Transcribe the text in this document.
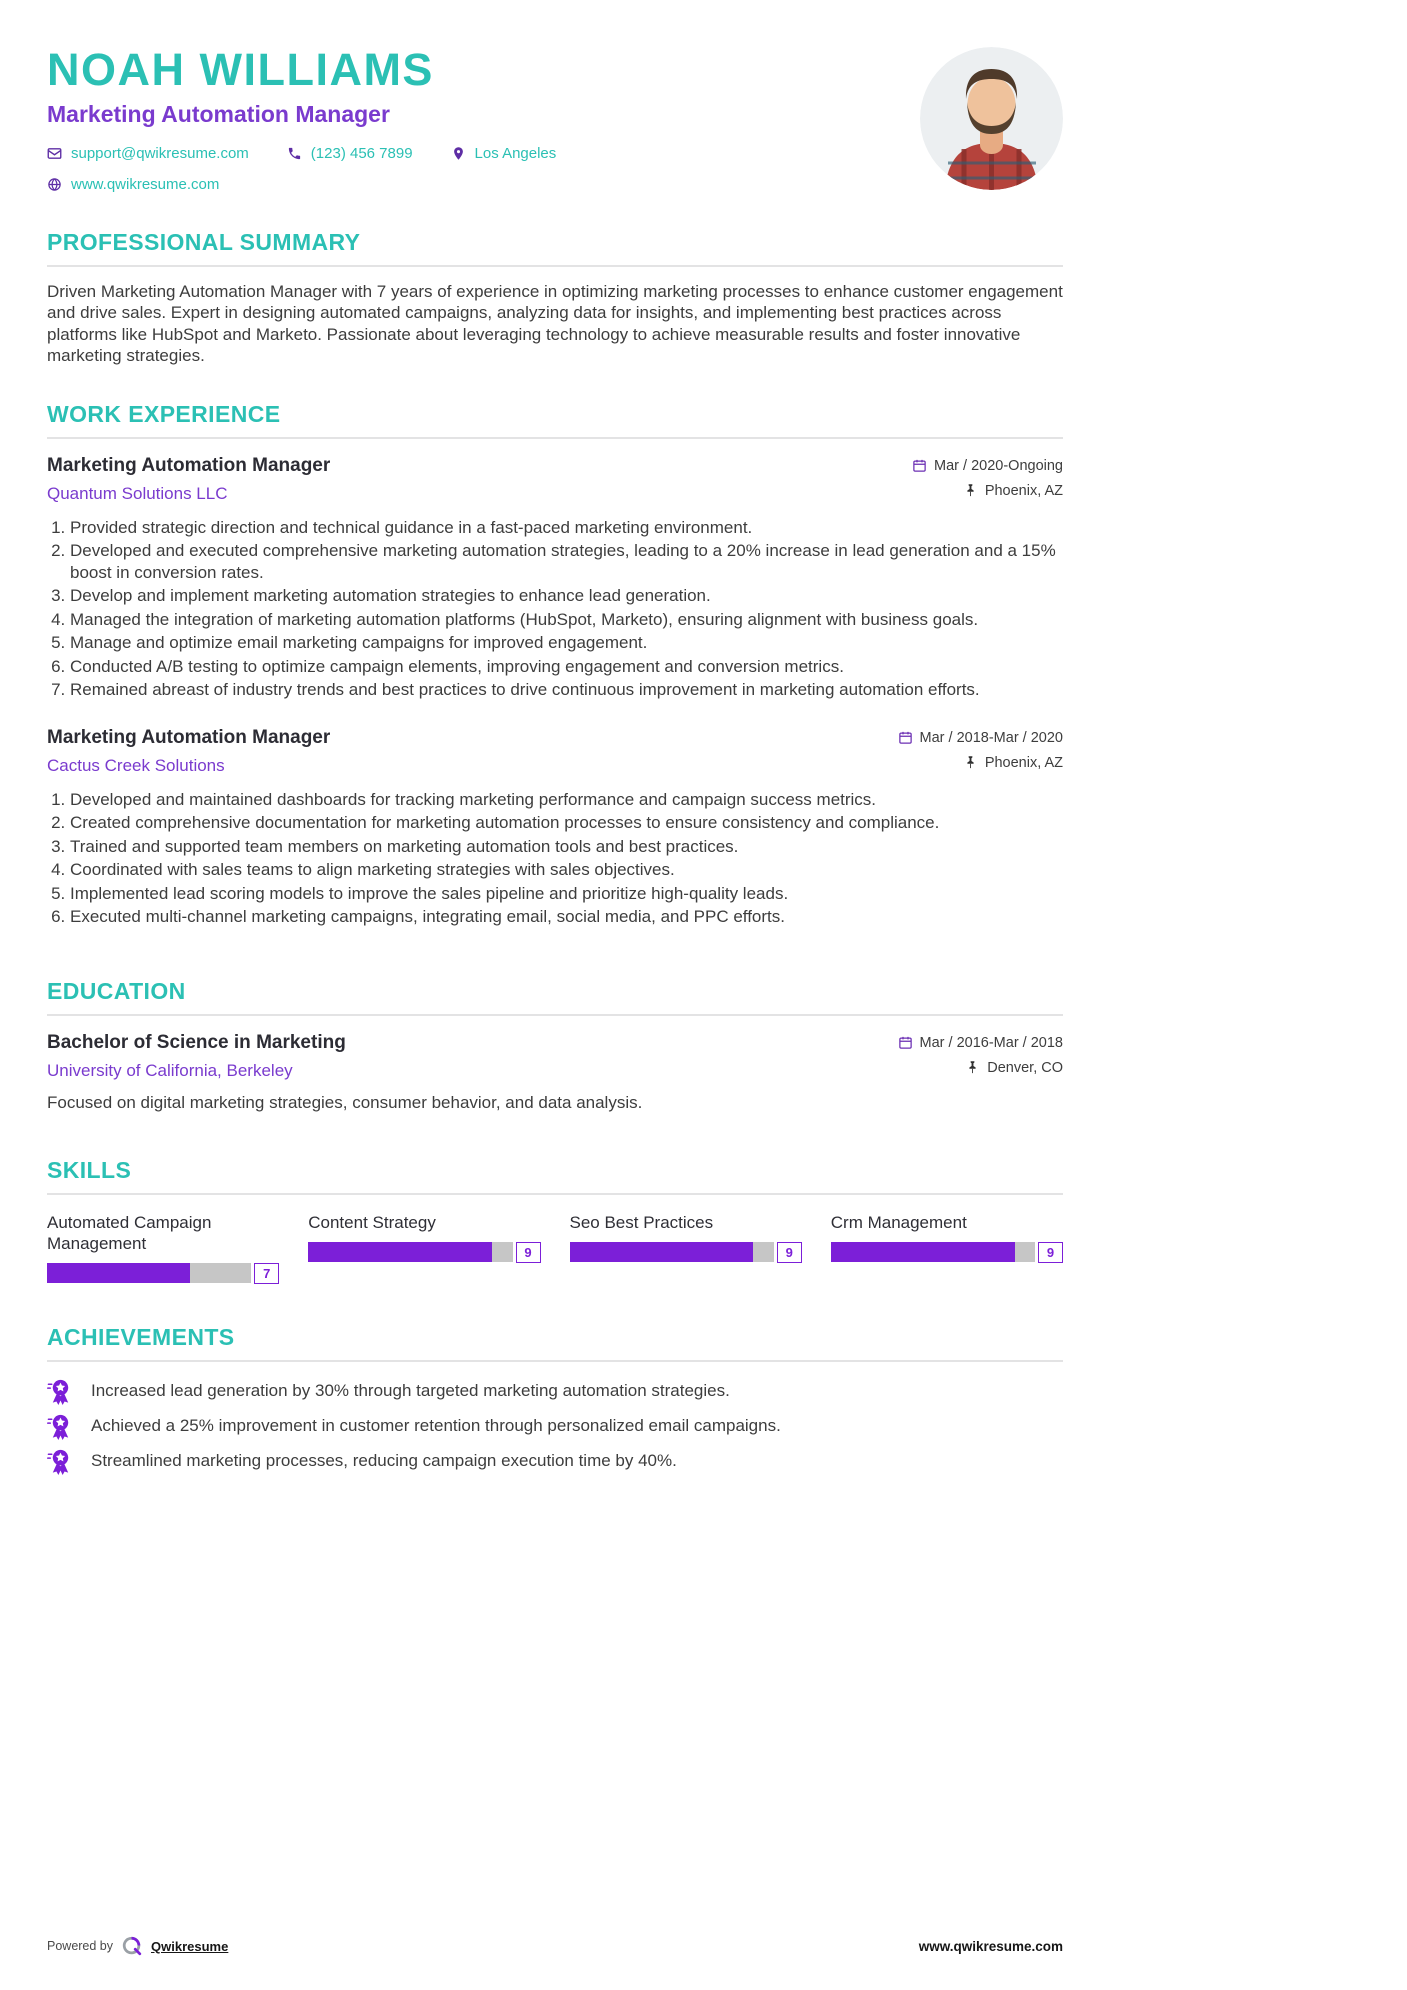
NOAH WILLIAMS
Marketing Automation Manager
support@qwikresume.com	(123) 456 7899	Los Angeles
www.qwikresume.com
PROFESSIONAL SUMMARY

Driven Marketing Automation Manager with 7 years of experience in optimizing marketing processes to enhance customer engagement and drive sales. Expert in designing automated campaigns, analyzing data for insights, and implementing best practices across platforms like HubSpot and Marketo. Passionate about leveraging technology to achieve measurable results and foster innovative marketing strategies.

WORK EXPERIENCE
Marketing Automation Manager
Quantum Solutions LLC
Mar / 2020-Ongoing
Phoenix, AZ
1. Provided strategic direction and technical guidance in a fast-paced marketing environment.
2. Developed and executed comprehensive marketing automation strategies, leading to a 20% increase in lead generation and a 15% boost in conversion rates.
3. Develop and implement marketing automation strategies to enhance lead generation.
4. Managed the integration of marketing automation platforms (HubSpot, Marketo), ensuring alignment with business goals.
5. Manage and optimize email marketing campaigns for improved engagement.
6. Conducted A/B testing to optimize campaign elements, improving engagement and conversion metrics.
7. Remained abreast of industry trends and best practices to drive continuous improvement in marketing automation efforts.
Marketing Automation Manager
Cactus Creek Solutions
Mar / 2018-Mar / 2020
Phoenix, AZ
1. Developed and maintained dashboards for tracking marketing performance and campaign success metrics.
2. Created comprehensive documentation for marketing automation processes to ensure consistency and compliance.
3. Trained and supported team members on marketing automation tools and best practices.
4. Coordinated with sales teams to align marketing strategies with sales objectives.
5. Implemented lead scoring models to improve the sales pipeline and prioritize high-quality leads.
6. Executed multi-channel marketing campaigns, integrating email, social media, and PPC efforts.
EDUCATION
Bachelor of Science in Marketing
University of California, Berkeley
Mar / 2016-Mar / 2018
Denver, CO

Focused on digital marketing strategies, consumer behavior, and data analysis.

SKILLS
Automated Campaign Management
7
Content Strategy
9
Seo Best Practices
9
Crm Management
9
ACHIEVEMENTS
Increased lead generation by 30% through targeted marketing automation strategies.
Achieved a 25% improvement in customer retention through personalized email campaigns.
Streamlined marketing processes, reducing campaign execution time by 40%.
Powered by	Qwikresume	www.qwikresume.com
